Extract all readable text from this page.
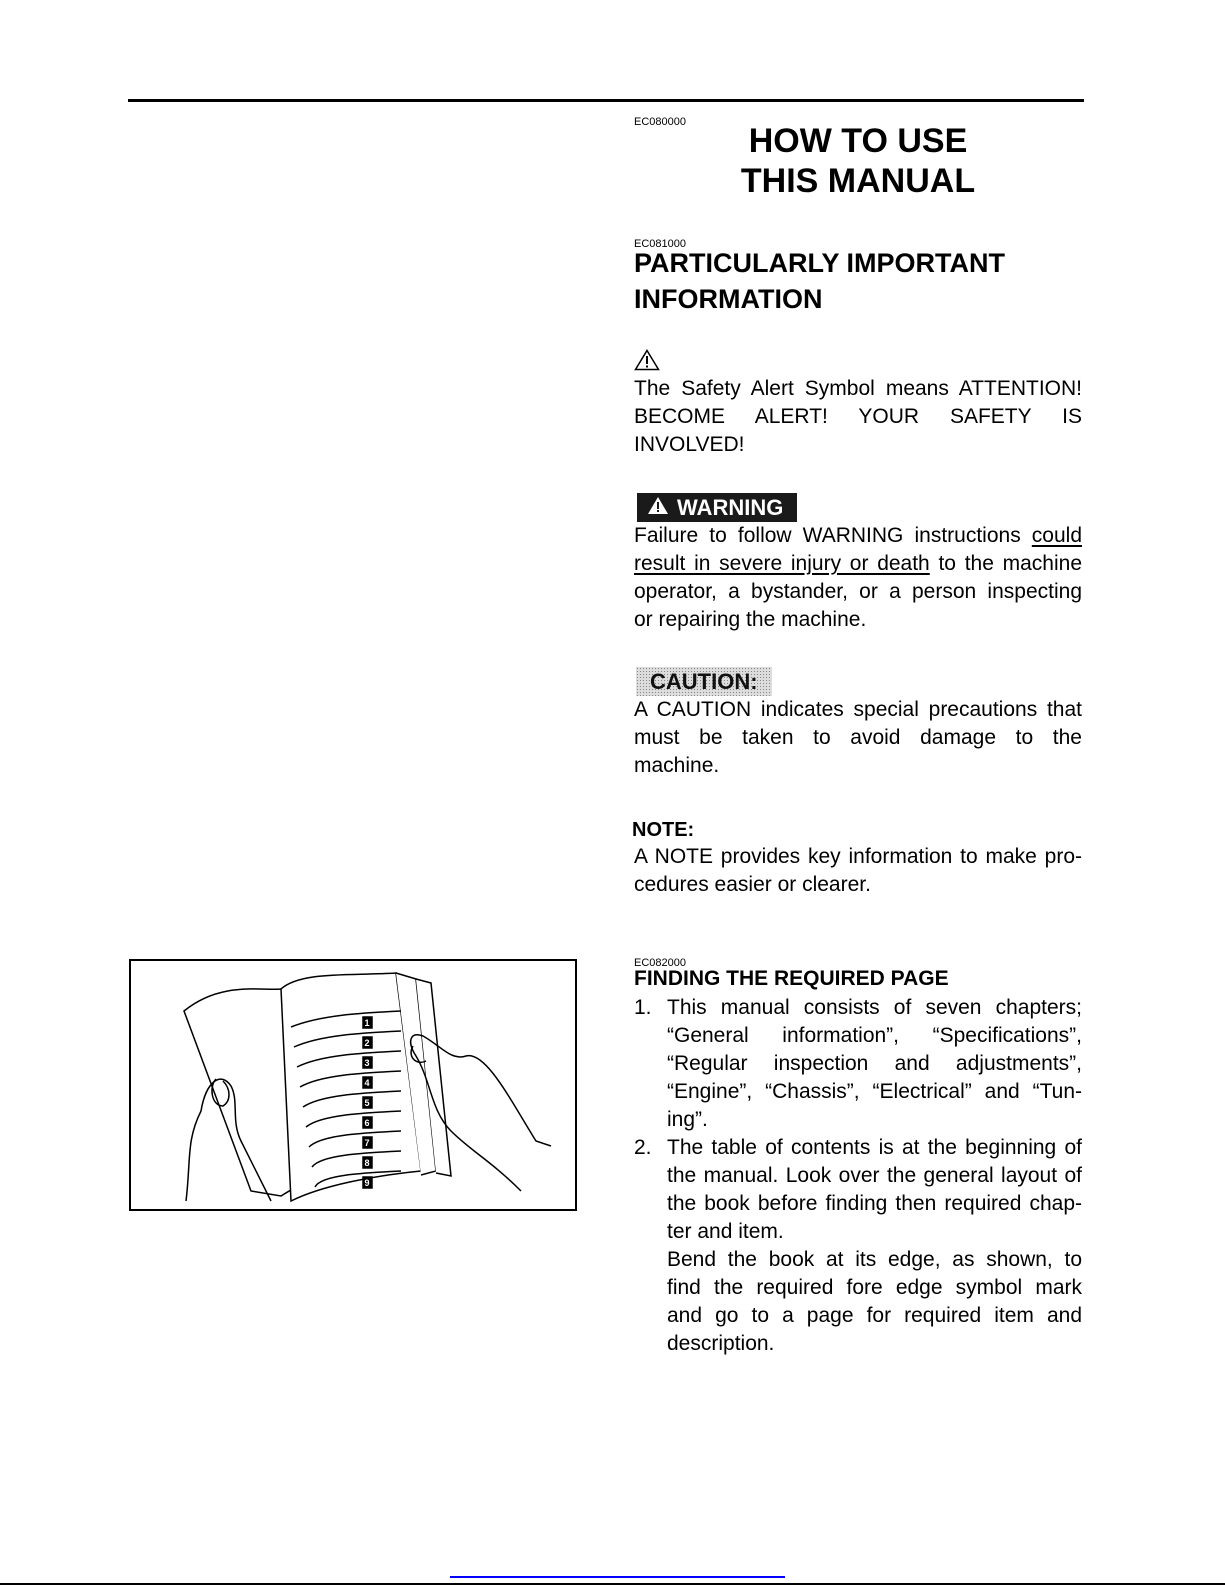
EC080000	HOW TO USE
THIS MANUAL
EC081000
PARTICULARLY IMPORTANT
INFORMATION
The Safety Alert Symbol means ATTENTION!
BECOME ALERT! YOUR SAFETY IS
INVOLVED!
WARNING
Failure to follow WARNING instructions could
result in severe injury or death to the machine
operator, a bystander, or a person inspecting
or repairing the machine.
CAUTION:
A CAUTION indicates special precautions that
must be taken to avoid damage to the
machine.
NOTE:
A NOTE provides key information to make pro-
cedures easier or clearer.
EC082000
FINDING THE REQUIRED PAGE
1. This manual consists of seven chapters;
“General information”, “Specifications”,
“Regular inspection and adjustments”,
“Engine”, “Chassis”, “Electrical” and “Tun-
ing”.
2. The table of contents is at the beginning of
the manual. Look over the general layout of
the book before finding then required chap-
ter and item.
Bend the book at its edge, as shown, to
find the required fore edge symbol mark
and go to a page for required item and
description.
1
2
3
4
5
6
7
8
9
